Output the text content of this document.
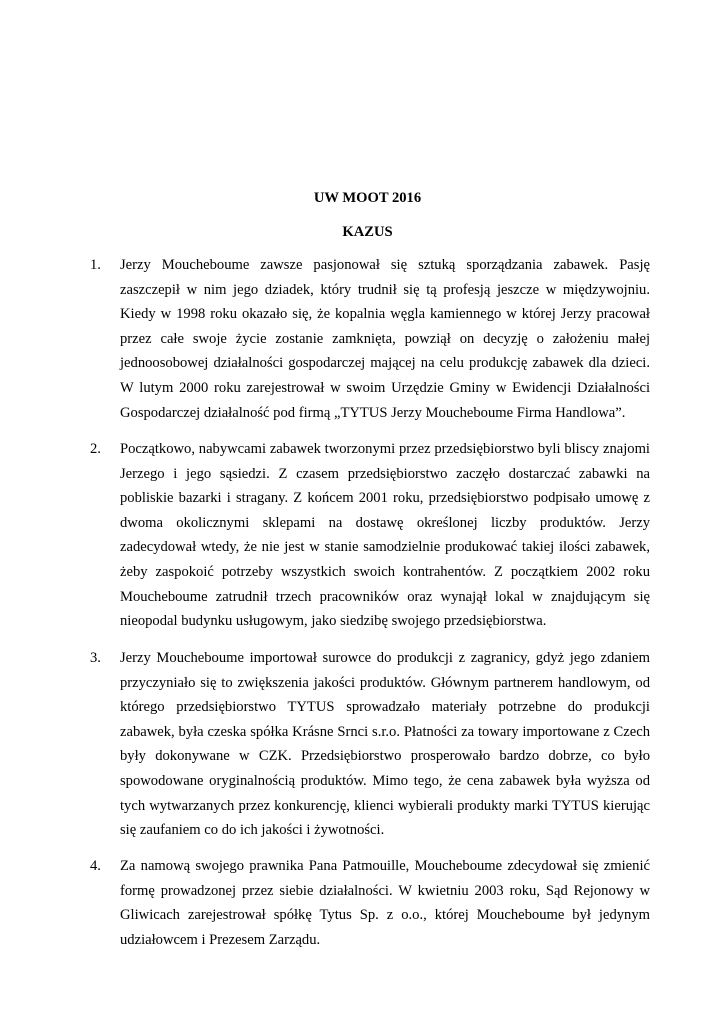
UW MOOT 2016
KAZUS
1. Jerzy Moucheboume zawsze pasjonował się sztuką sporządzania zabawek. Pasję zaszczepił w nim jego dziadek, który trudnił się tą profesją jeszcze w międzywojniu. Kiedy w 1998 roku okazało się, że kopalnia węgla kamiennego w której Jerzy pracował przez całe swoje życie zostanie zamknięta, powziął on decyzję o założeniu małej jednoosobowej działalności gospodarczej mającej na celu produkcję zabawek dla dzieci. W lutym 2000 roku zarejestrował w swoim Urzędzie Gminy w Ewidencji Działalności Gospodarczej działalność pod firmą „TYTUS Jerzy Moucheboume Firma Handlowa”.
2. Początkowo, nabywcami zabawek tworzonymi przez przedsiębiorstwo byli bliscy znajomi Jerzego i jego sąsiedzi. Z czasem przedsiębiorstwo zaczęło dostarczać zabawki na pobliskie bazarki i stragany. Z końcem 2001 roku, przedsiębiorstwo podpisało umowę z dwoma okolicznymi sklepami na dostawę określonej liczby produktów. Jerzy zadecydował wtedy, że nie jest w stanie samodzielnie produkować takiej ilości zabawek, żeby zaspokoić potrzeby wszystkich swoich kontrahentów. Z początkiem 2002 roku Moucheboume zatrudnił trzech pracowników oraz wynajął lokal w znajdującym się nieopodal budynku usługowym, jako siedzibę swojego przedsiębiorstwa.
3. Jerzy Moucheboume importował surowce do produkcji z zagranicy, gdyż jego zdaniem przyczyniało się to zwiększenia jakości produktów. Głównym partnerem handlowym, od którego przedsiębiorstwo TYTUS sprowadzało materiały potrzebne do produkcji zabawek, była czeska spółka Krásne Srnci s.r.o. Płatności za towary importowane z Czech były dokonywane w CZK. Przedsiębiorstwo prosperowało bardzo dobrze, co było spowodowane oryginalnością produktów. Mimo tego, że cena zabawek była wyższa od tych wytwarzanych przez konkurencję, klienci wybierali produkty marki TYTUS kierując się zaufaniem co do ich jakości i żywotności.
4. Za namową swojego prawnika Pana Patmouille, Moucheboume zdecydował się zmienić formę prowadzonej przez siebie działalności. W kwietniu 2003 roku, Sąd Rejonowy w Gliwicach zarejestrował spółkę Tytus Sp. z o.o., której Moucheboume był jedynym udziałowcem i Prezesem Zarządu.
